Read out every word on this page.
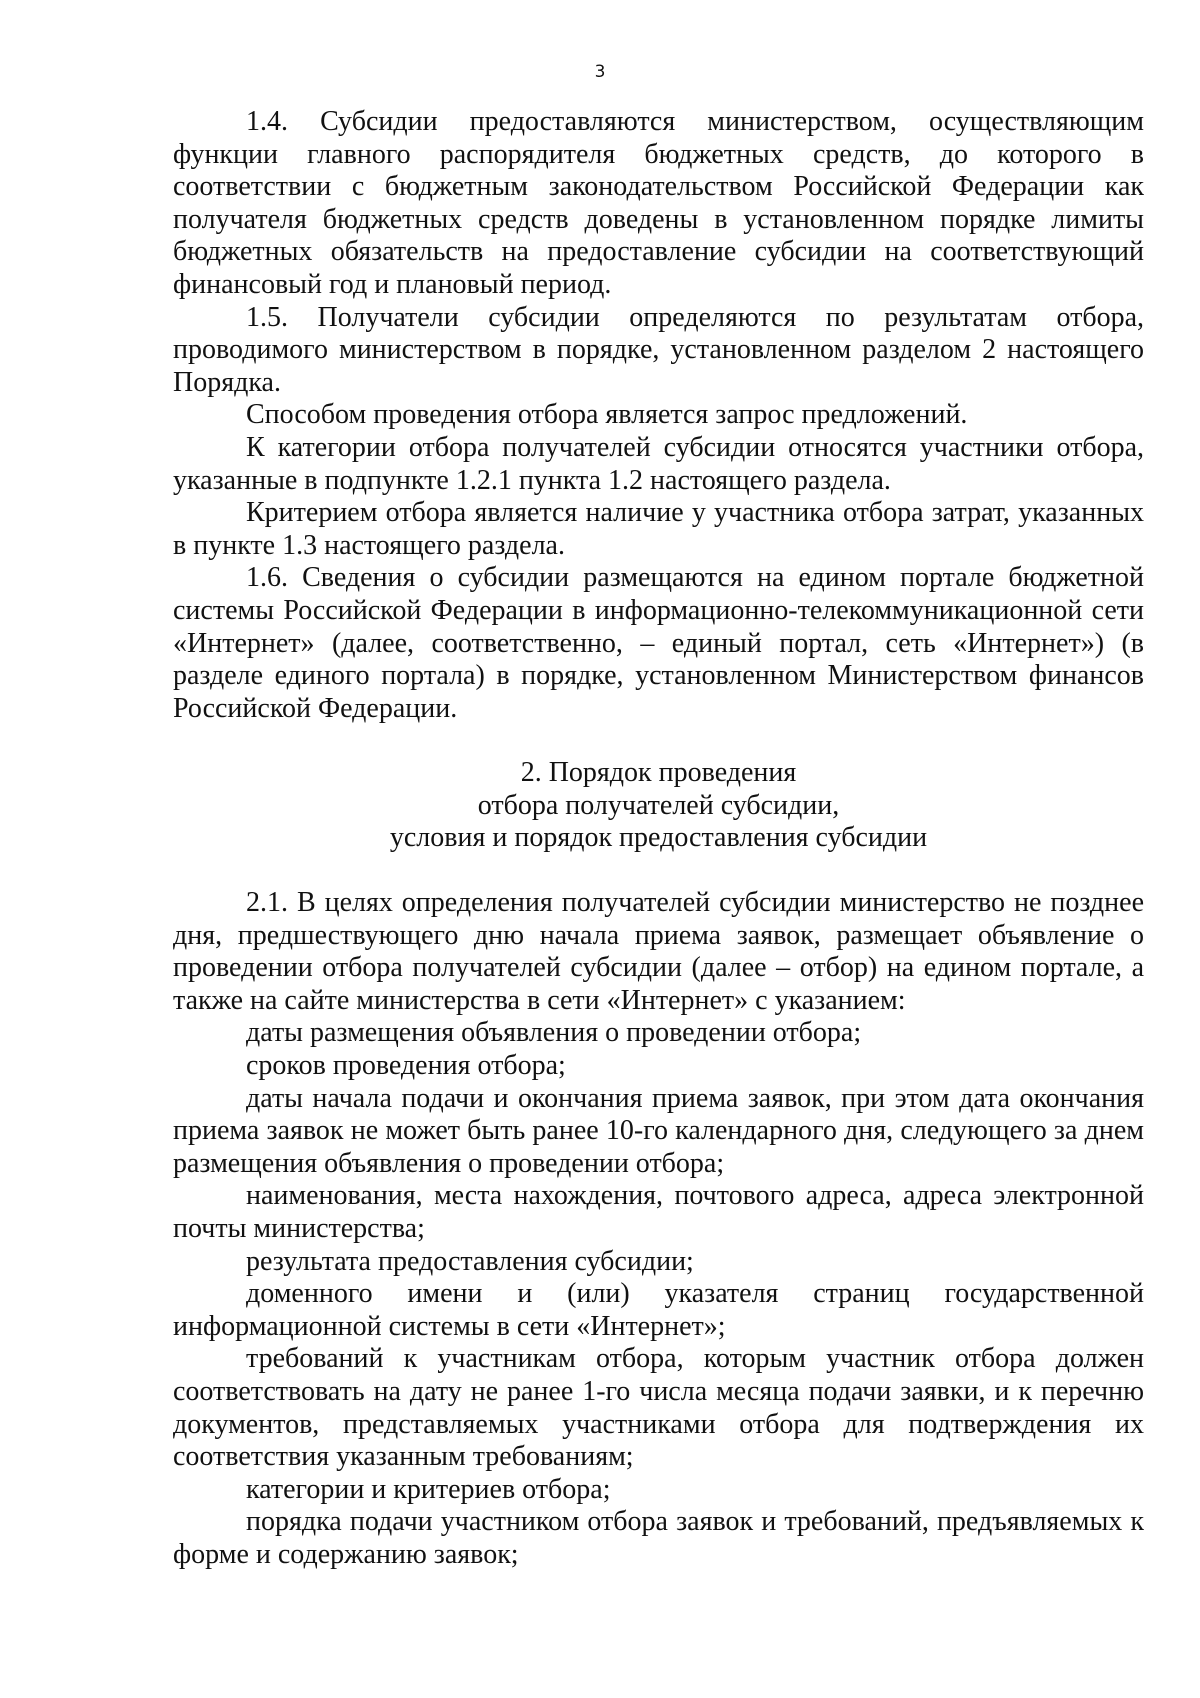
3

1.4. Субсидии предоставляются министерством, осуществляющим функции главного распорядителя бюджетных средств, до которого в соответствии с бюджетным законодательством Российской Федерации как получателя бюджетных средств доведены в установленном порядке лимиты бюджетных обязательств на предоставление субсидии на соответствующий финансовый год и плановый период.

1.5. Получатели субсидии определяются по результатам отбора, проводимого министерством в порядке, установленном разделом 2 настоящего Порядка.

Способом проведения отбора является запрос предложений.

К категории отбора получателей субсидии относятся участники отбора, указанные в подпункте 1.2.1 пункта 1.2 настоящего раздела.

Критерием отбора является наличие у участника отбора затрат, указанных в пункте 1.3 настоящего раздела.

1.6. Сведения о субсидии размещаются на едином портале бюджетной системы Российской Федерации в информационно-телекоммуникационной сети «Интернет» (далее, соответственно, – единый портал, сеть «Интернет») (в разделе единого портала) в порядке, установленном Министерством финансов Российской Федерации.

2. Порядок проведения

отбора получателей субсидии,

условия и порядок предоставления субсидии

2.1. В целях определения получателей субсидии министерство не позднее дня, предшествующего дню начала приема заявок, размещает объявление о проведении отбора получателей субсидии (далее – отбор) на едином портале, а также на сайте министерства в сети «Интернет» с указанием:

даты размещения объявления о проведении отбора;

сроков проведения отбора;

даты начала подачи и окончания приема заявок, при этом дата окончания приема заявок не может быть ранее 10-го календарного дня, следующего за днем размещения объявления о проведении отбора;

наименования, места нахождения, почтового адреса, адреса электронной почты министерства;

результата предоставления субсидии;

доменного имени и (или) указателя страниц государственной информационной системы в сети «Интернет»;

требований к участникам отбора, которым участник отбора должен соответствовать на дату не ранее 1-го числа месяца подачи заявки, и к перечню документов, представляемых участниками отбора для подтверждения их соответствия указанным требованиям;

категории и критериев отбора;

порядка подачи участником отбора заявок и требований, предъявляемых к форме и содержанию заявок;
